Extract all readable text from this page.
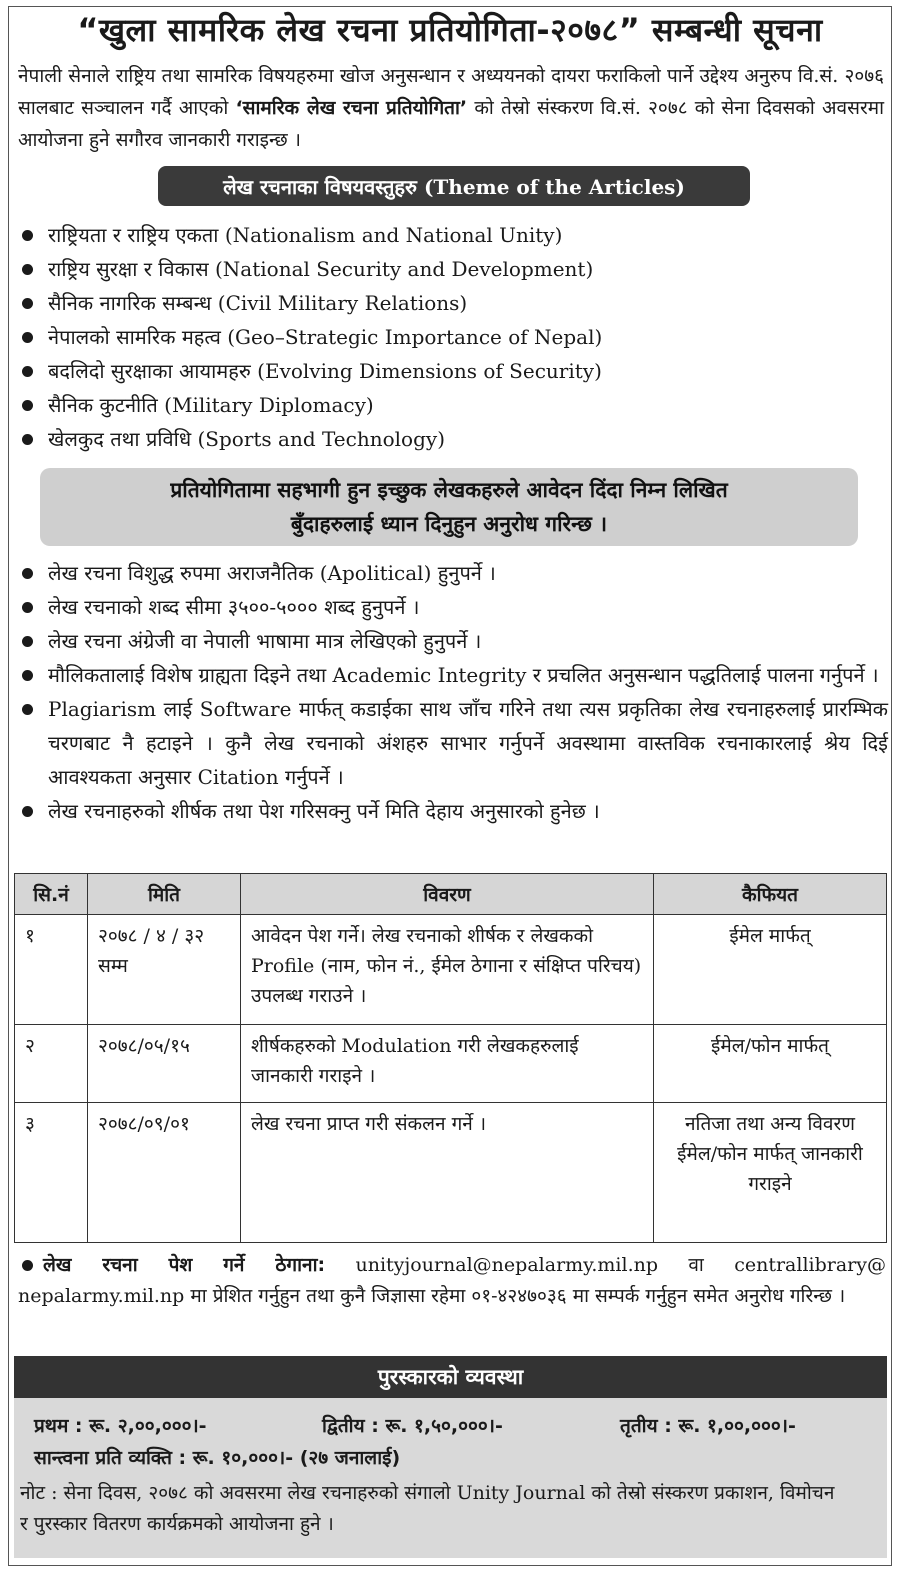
“खुला सामरिक लेख रचना प्रतियोगिता-२०७८” सम्बन्धी सूचना
नेपाली सेनाले राष्ट्रिय तथा सामरिक विषयहरुमा खोज अनुसन्धान र अध्ययनको दायरा फराकिलो पार्ने उद्देश्य अनुरुप वि.सं. २०७६ सालबाट सञ्चालन गर्दै आएको ‘सामरिक लेख रचना प्रतियोगिता’ को तेस्रो संस्करण वि.सं. २०७८ को सेना दिवसको अवसरमा आयोजना हुने सगौरव जानकारी गराइन्छ ।
लेख रचनाका विषयवस्तुहरु (Theme of the Articles)
राष्ट्रियता र राष्ट्रिय एकता (Nationalism and National Unity)
राष्ट्रिय सुरक्षा र विकास (National Security and Development)
सैनिक नागरिक सम्बन्ध (Civil Military Relations)
नेपालको सामरिक महत्व (Geo–Strategic Importance of Nepal)
बदलिदो सुरक्षाका आयामहरु (Evolving Dimensions of Security)
सैनिक कुटनीति (Military Diplomacy)
खेलकुद तथा प्रविधि (Sports and Technology)
प्रतियोगितामा सहभागी हुन इच्छुक लेखकहरुले आवेदन दिंदा निम्न लिखित
बुँदाहरुलाई ध्यान दिनुहुन अनुरोध गरिन्छ ।
लेख रचना विशुद्ध रुपमा अराजनैतिक (Apolitical) हुनुपर्ने ।
लेख रचनाको शब्द सीमा ३५००-५००० शब्द हुनुपर्ने ।
लेख रचना अंग्रेजी वा नेपाली भाषामा मात्र लेखिएको हुनुपर्ने ।
मौलिकतालाई विशेष ग्राह्यता दिइने तथा Academic Integrity र प्रचलित अनुसन्धान पद्धतिलाई पालना गर्नुपर्ने ।
Plagiarism लाई Software मार्फत् कडाईका साथ जाँच गरिने तथा त्यस प्रकृतिका लेख रचनाहरुलाई प्रारम्भिक चरणबाट नै हटाइने । कुनै लेख रचनाको अंशहरु साभार गर्नुपर्ने अवस्थामा वास्तविक रचनाकारलाई श्रेय दिई आवश्यकता अनुसार Citation गर्नुपर्ने ।
लेख रचनाहरुको शीर्षक तथा पेश गरिसक्नु पर्ने मिति देहाय अनुसारको हुनेछ ।
सि.नं	मिति	विवरण	कैफियत
१	२०७८ / ४ / ३२ सम्म	आवेदन पेश गर्ने। लेख रचनाको शीर्षक र लेखकको Profile (नाम, फोन नं., ईमेल ठेगाना र संक्षिप्त परिचय) उपलब्ध गराउने ।	ईमेल मार्फत्
२	२०७८/०५/१५	शीर्षकहरुको Modulation गरी लेखकहरुलाई जानकारी गराइने ।	ईमेल/फोन मार्फत्
३	२०७८/०९/०१	लेख रचना प्राप्त गरी संकलन गर्ने ।	नतिजा तथा अन्य विवरण ईमेल/फोन मार्फत् जानकारी गराइने
लेख रचना पेश गर्ने ठेगाना: unityjournal@nepalarmy.mil.np वा centrallibrary@ nepalarmy.mil.np मा प्रेशित गर्नुहुन तथा कुनै जिज्ञासा रहेमा ०१-४२४७०३६ मा सम्पर्क गर्नुहुन समेत अनुरोध गरिन्छ ।
पुरस्कारको व्यवस्था
प्रथम : रू. २,००,०००।-	द्वितीय : रू. १,५०,०००।-	तृतीय : रू. १,००,०००।-
सान्त्वना प्रति व्यक्ति : रू. १०,०००।- (२७ जनालाई)
नोट : सेना दिवस, २०७८ को अवसरमा लेख रचनाहरुको संगालो Unity Journal को तेस्रो संस्करण प्रकाशन, विमोचन र पुरस्कार वितरण कार्यक्रमको आयोजना हुने ।
